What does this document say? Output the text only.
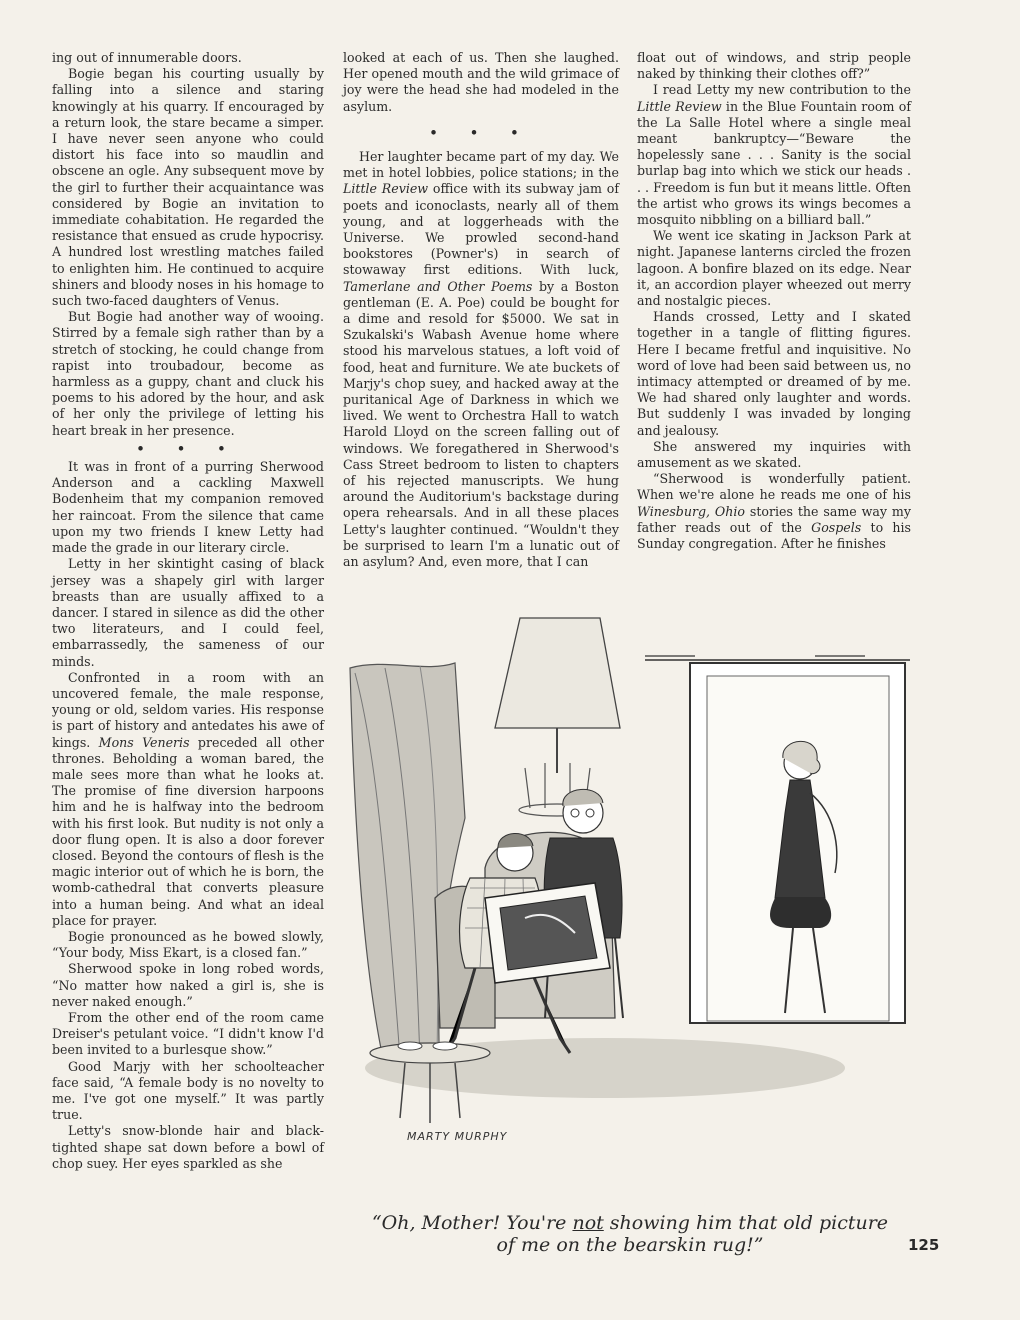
ing out of innumerable doors.

Bogie began his courting usually by falling into a silence and staring knowingly at his quarry. If encouraged by a return look, the stare became a simper. I have never seen anyone who could distort his face into so maudlin and obscene an ogle. Any subsequent move by the girl to further their acquaintance was considered by Bogie an invitation to immediate cohabitation. He regarded the resistance that ensued as crude hypocrisy. A hundred lost wrestling matches failed to enlighten him. He continued to acquire shiners and bloody noses in his homage to such two-faced daughters of Venus.

But Bogie had another way of wooing. Stirred by a female sigh rather than by a stretch of stocking, he could change from rapist into troubadour, become as harmless as a guppy, chant and cluck his poems to his adored by the hour, and ask of her only the privilege of letting his heart break in her presence.

• • •

It was in front of a purring Sherwood Anderson and a cackling Maxwell Bodenheim that my companion removed her raincoat. From the silence that came upon my two friends I knew Letty had made the grade in our literary circle.

Letty in her skintight casing of black jersey was a shapely girl with larger breasts than are usually affixed to a dancer. I stared in silence as did the other two literateurs, and I could feel, embarrassedly, the sameness of our minds.

Confronted in a room with an uncovered female, the male response, young or old, seldom varies. His response is part of history and antedates his awe of kings. Mons Veneris preceded all other thrones. Beholding a woman bared, the male sees more than what he looks at. The promise of fine diversion harpoons him and he is halfway into the bedroom with his first look. But nudity is not only a door flung open. It is also a door forever closed. Beyond the contours of flesh is the magic interior out of which he is born, the womb-cathedral that converts pleasure into a human being. And what an ideal place for prayer.

Bogie pronounced as he bowed slowly, “Your body, Miss Ekart, is a closed fan.”

Sherwood spoke in long robed words, “No matter how naked a girl is, she is never naked enough.”

From the other end of the room came Dreiser's petulant voice. “I didn't know I'd been invited to a burlesque show.”

Good Marjy with her schoolteacher face said, “A female body is no novelty to me. I've got one myself.” It was partly true.

Letty's snow-blonde hair and black-tighted shape sat down before a bowl of chop suey. Her eyes sparkled as she

looked at each of us. Then she laughed. Her opened mouth and the wild grimace of joy were the head she had modeled in the asylum.

• • •

Her laughter became part of my day. We met in hotel lobbies, police stations; in the Little Review office with its subway jam of poets and iconoclasts, nearly all of them young, and at loggerheads with the Universe. We prowled second-hand bookstores (Powner's) in search of stowaway first editions. With luck, Tamerlane and Other Poems by a Boston gentleman (E. A. Poe) could be bought for a dime and resold for $5000. We sat in Szukalski's Wabash Avenue home where stood his marvelous statues, a loft void of food, heat and furniture. We ate buckets of Marjy's chop suey, and hacked away at the puritanical Age of Darkness in which we lived. We went to Orchestra Hall to watch Harold Lloyd on the screen falling out of windows. We foregathered in Sherwood's Cass Street bedroom to listen to chapters of his rejected manuscripts. We hung around the Auditorium's backstage during opera rehearsals. And in all these places Letty's laughter continued. “Wouldn't they be surprised to learn I'm a lunatic out of an asylum? And, even more, that I can

float out of windows, and strip people naked by thinking their clothes off?”

I read Letty my new contribution to the Little Review in the Blue Fountain room of the La Salle Hotel where a single meal meant bankruptcy—“Beware the hopelessly sane . . . Sanity is the social burlap bag into which we stick our heads . . . Freedom is fun but it means little. Often the artist who grows its wings becomes a mosquito nibbling on a billiard ball.”

We went ice skating in Jackson Park at night. Japanese lanterns circled the frozen lagoon. A bonfire blazed on its edge. Near it, an accordion player wheezed out merry and nostalgic pieces.

Hands crossed, Letty and I skated together in a tangle of flitting figures. Here I became fretful and inquisitive. No word of love had been said between us, no intimacy attempted or dreamed of by me. We had shared only laughter and words. But suddenly I was invaded by longing and jealousy.

She answered my inquiries with amusement as we skated.

“Sherwood is wonderfully patient. When we're alone he reads me one of his Winesburg, Ohio stories the same way my father reads out of the Gospels to his Sunday congregation. After he finishes

MARTY MURPHY
“Oh, Mother! You're not showing him that old picture of me on the bearskin rug!”	125
